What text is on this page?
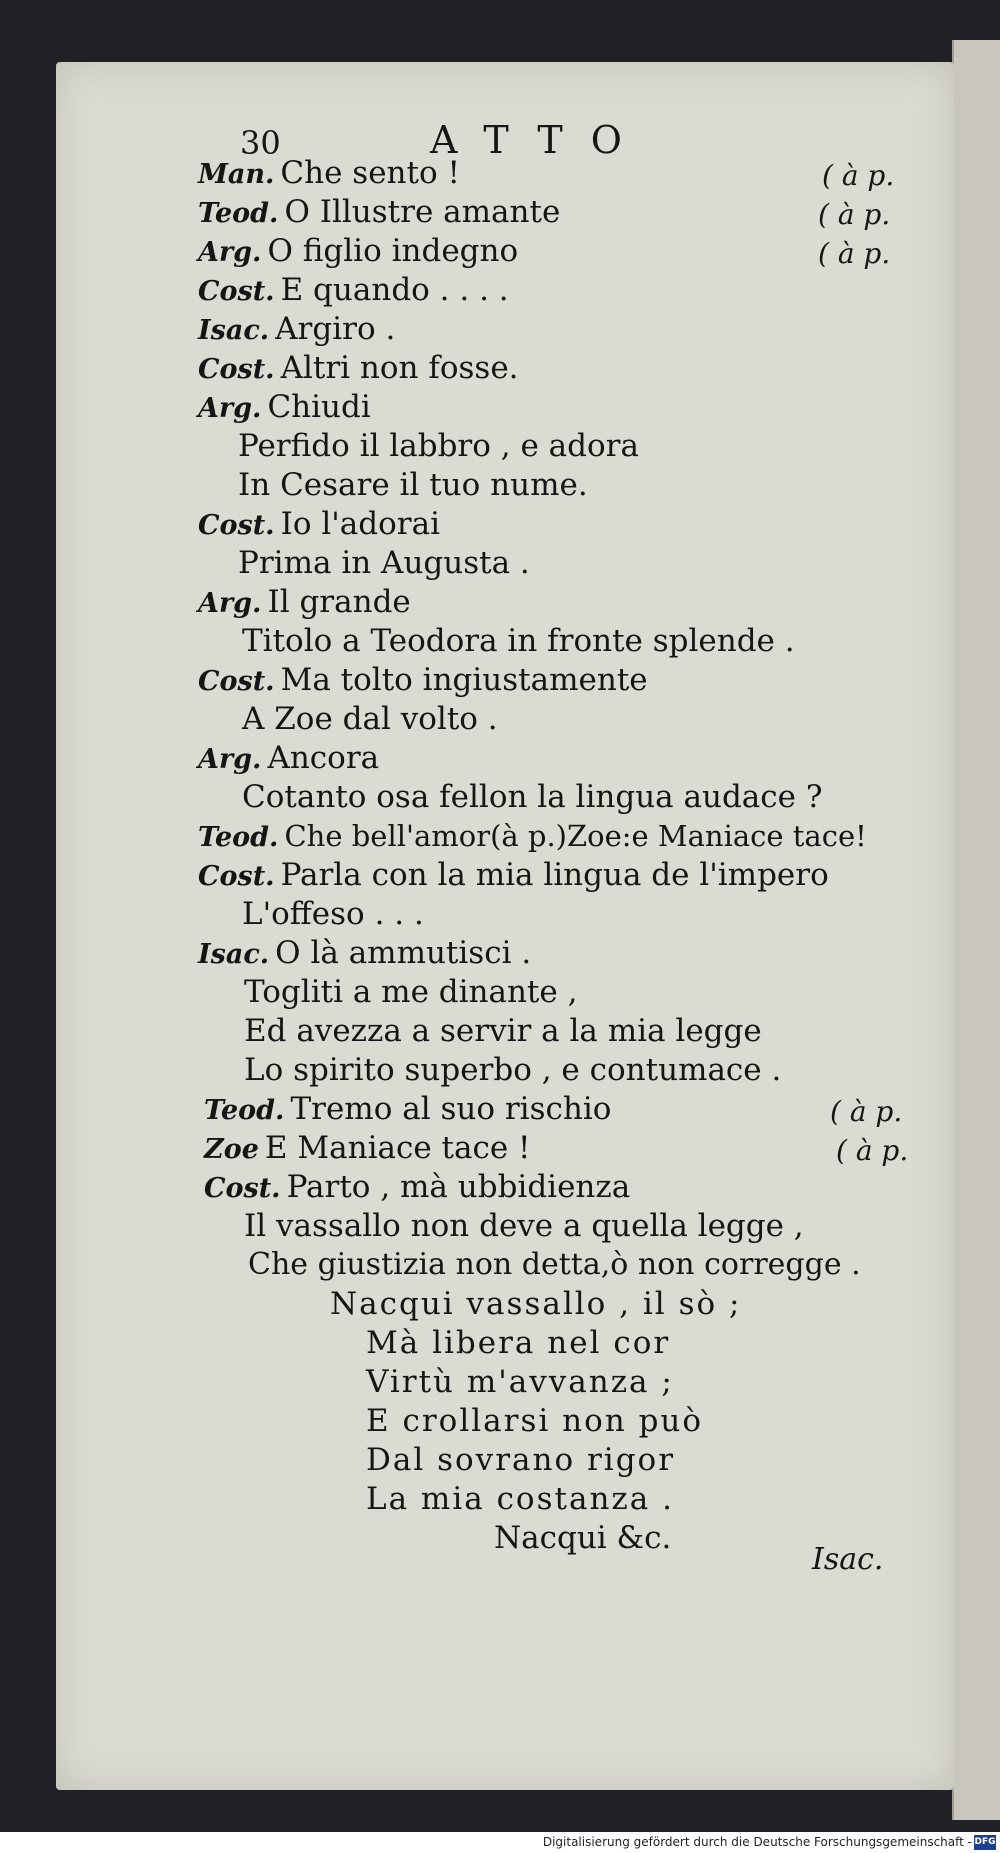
30	ATTO
Man. Che sento !
Teod. O Illustre amante
Arg. O figlio indegno
Cost. E quando . . . .
Isac. Argiro .
Cost. Altri non fosse.
Arg. Chiudi
Perfido il labbro , e adora
In Cesare il tuo nume.
Cost. Io l'adorai
Prima in Augusta .
Arg. Il grande
Titolo a Teodora in fronte splende .
Cost. Ma tolto ingiustamente
A Zoe dal volto .
Arg. Ancora
Cotanto osa fellon la lingua audace ?
Teod. Che bell'amor(à p.)Zoe:e Maniace tace!
Cost. Parla con la mia lingua de l'impero
L'offeso . . .
Isac. O là ammutisci .
Togliti a me dinante ,
Ed avezza a servir a la mia legge
Lo spirito superbo , e contumace .
Teod. Tremo al suo rischio
Zoe E Maniace tace !
Cost. Parto , mà ubbidienza
Il vassallo non deve a quella legge ,
Che giustizia non detta,ò non corregge .
Nacqui vassallo , il sò ;
Mà libera nel cor
Virtù m'avvanza ;
E crollarsi non può
Dal sovrano rigor
La mia costanza .
Nacqui &c.
( à p.
( à p.
( à p.
( à p.
( à p.
Isac.
Digitalisierung gefördert durch die Deutsche Forschungsgemeinschaft - DFG
